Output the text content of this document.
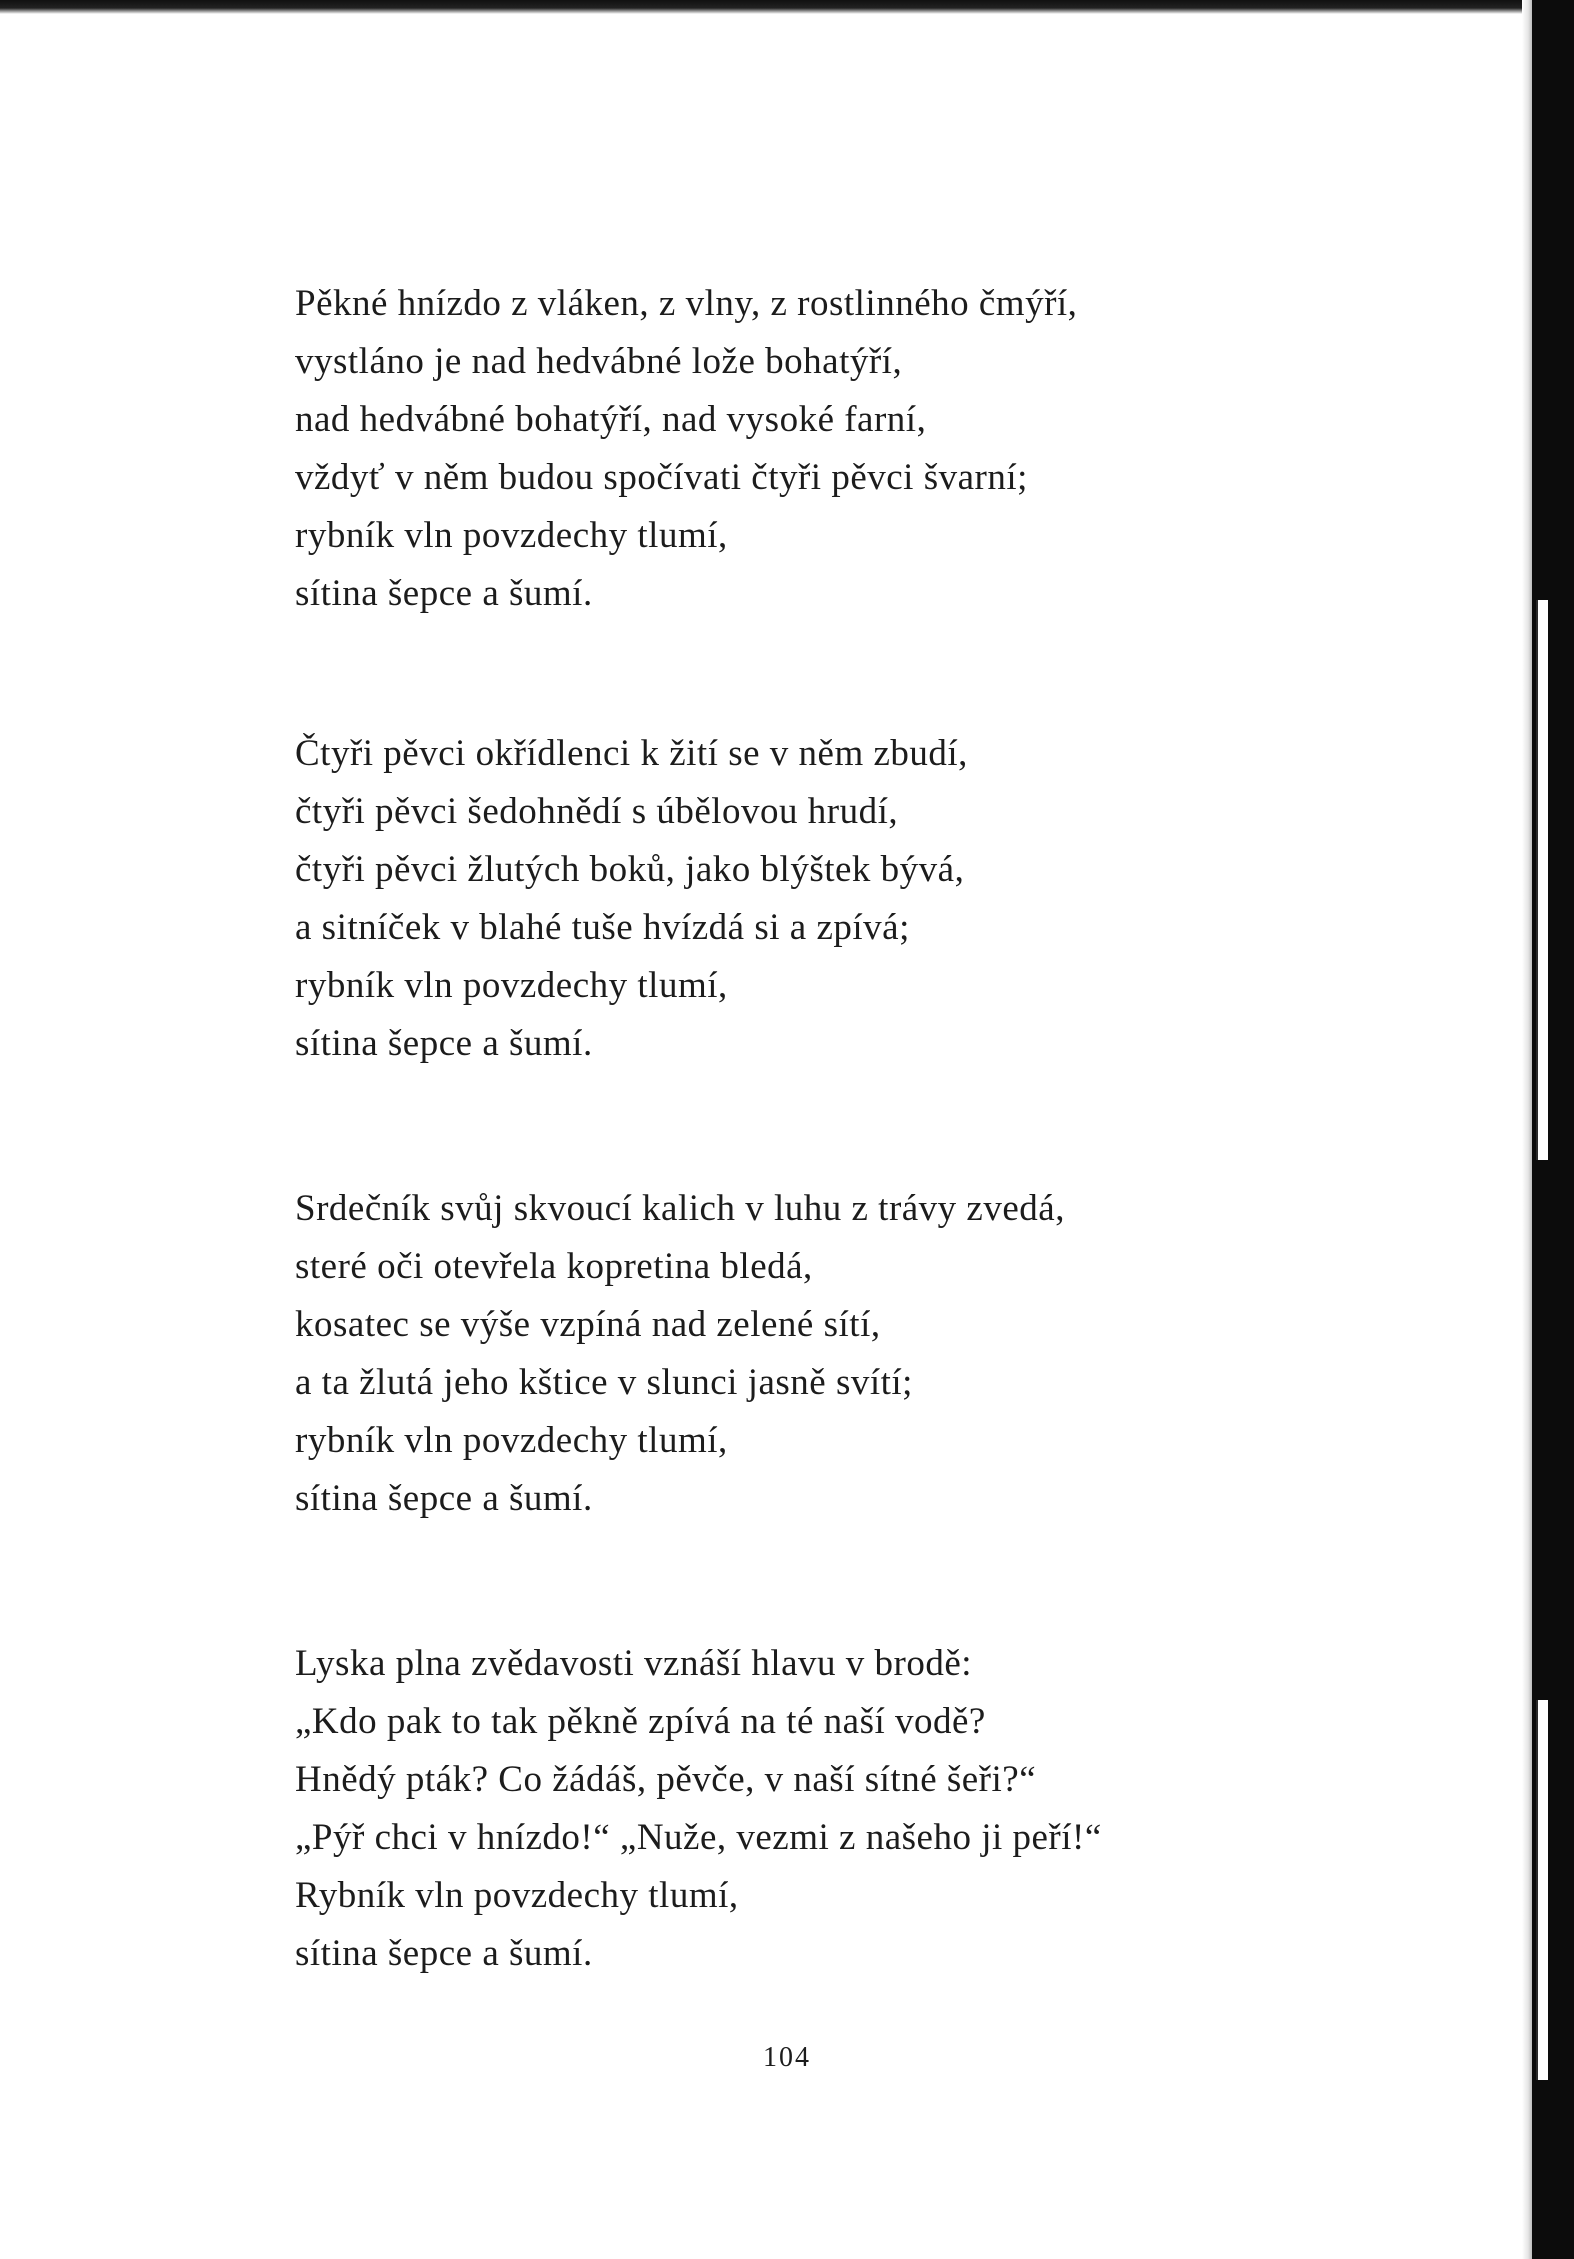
Pěkné hnízdo z vláken, z vlny, z rostlinného čmýří,
vystláno je nad hedvábné lože bohatýří,
nad hedvábné bohatýří, nad vysoké farní,
vždyť v něm budou spočívati čtyři pěvci švarní;
rybník vln povzdechy tlumí,
sítina šepce a šumí.
Čtyři pěvci okřídlenci k žití se v něm zbudí,
čtyři pěvci šedohnědí s úbělovou hrudí,
čtyři pěvci žlutých boků, jako blýštek bývá,
a sitníček v blahé tuše hvízdá si a zpívá;
rybník vln povzdechy tlumí,
sítina šepce a šumí.
Srdečník svůj skvoucí kalich v luhu z trávy zvedá,
steré oči otevřela kopretina bledá,
kosatec se výše vzpíná nad zelené sítí,
a ta žlutá jeho kštice v slunci jasně svítí;
rybník vln povzdechy tlumí,
sítina šepce a šumí.
Lyska plna zvědavosti vznáší hlavu v brodě:
„Kdo pak to tak pěkně zpívá na té naší vodě?
Hnědý pták? Co žádáš, pěvče, v naší sítné šeři?“
„Pýř chci v hnízdo!“ „Nuže, vezmi z našeho ji peří!“
Rybník vln povzdechy tlumí,
sítina šepce a šumí.
104
